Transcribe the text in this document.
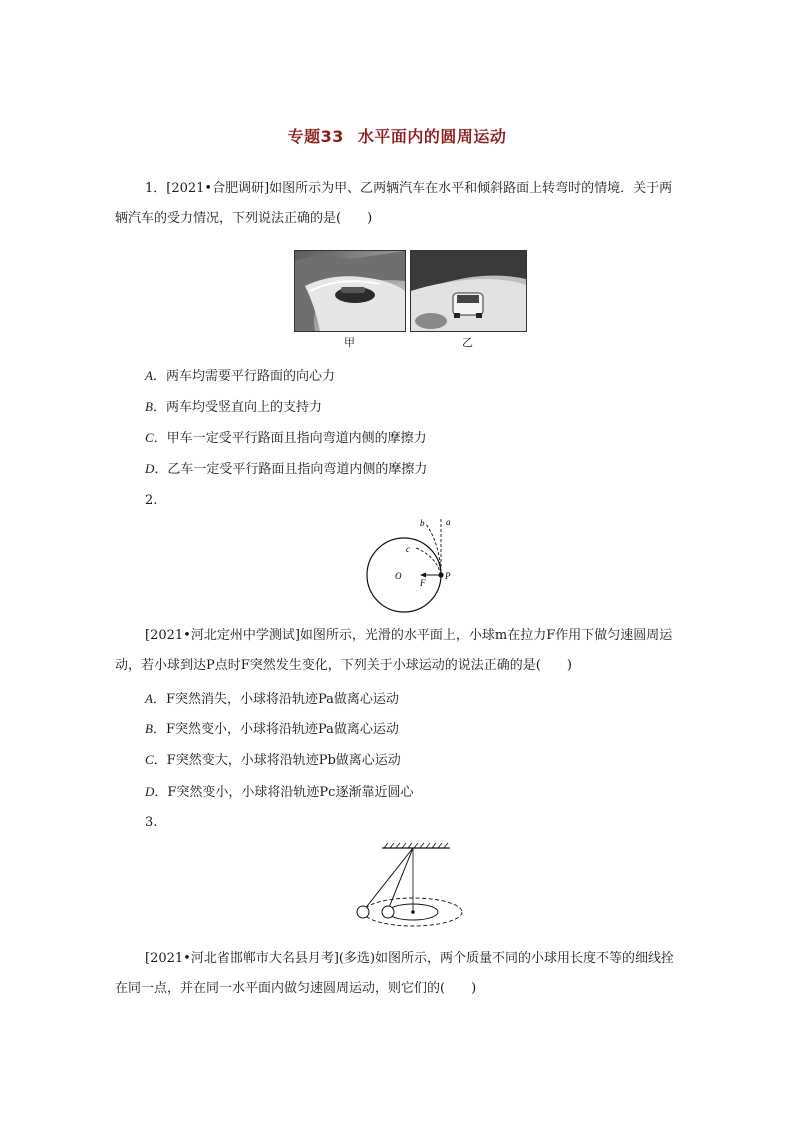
专题33 水平面内的圆周运动
1．[2021•合肥调研]如图所示为甲、乙两辆汽车在水平和倾斜路面上转弯时的情境．关于两辆汽车的受力情况，下列说法正确的是(　　)
甲	乙
A．两车均需要平行路面的向心力
B．两车均受竖直向上的支持力
C．甲车一定受平行路面且指向弯道内侧的摩擦力
D．乙车一定受平行路面且指向弯道内侧的摩擦力
2.
a
b
c
O
F
P
[2021•河北定州中学测试]如图所示，光滑的水平面上，小球m在拉力F作用下做匀速圆周运动，若小球到达P点时F突然发生变化，下列关于小球运动的说法正确的是(　　)
A．F突然消失，小球将沿轨迹Pa做离心运动
B．F突然变小，小球将沿轨迹Pa做离心运动
C．F突然变大，小球将沿轨迹Pb做离心运动
D．F突然变小，小球将沿轨迹Pc逐渐靠近圆心
3.
[2021•河北省邯郸市大名县月考](多选)如图所示，两个质量不同的小球用长度不等的细线拴在同一点，并在同一水平面内做匀速圆周运动，则它们的(　　)
